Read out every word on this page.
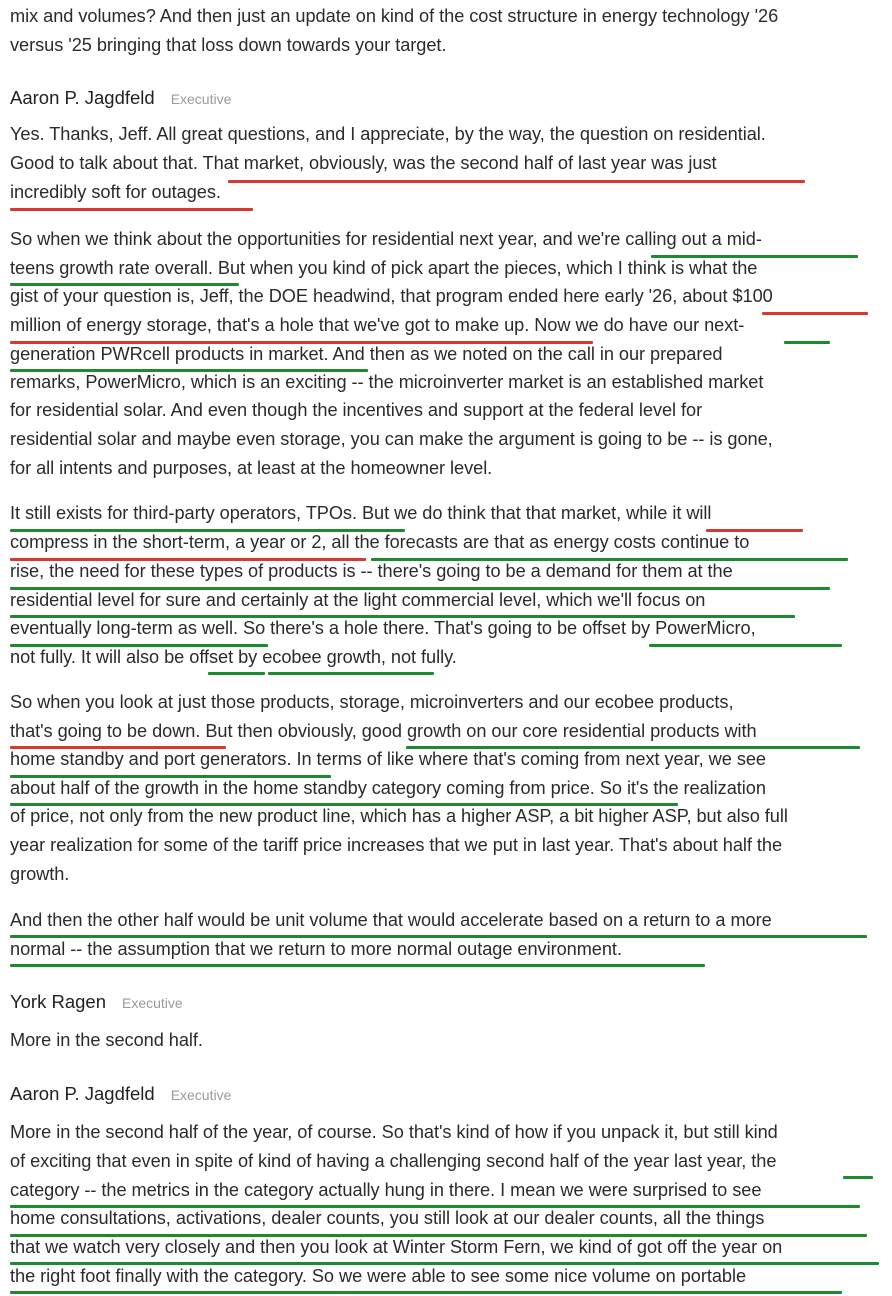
mix and volumes? And then just an update on kind of the cost structure in energy technology '26
versus '25 bringing that loss down towards your target.
Aaron P. Jagdfeld Executive
Yes. Thanks, Jeff. All great questions, and I appreciate, by the way, the question on residential.
Good to talk about that. That market, obviously, was the second half of last year was just
incredibly soft for outages.
So when we think about the opportunities for residential next year, and we're calling out a mid-
teens growth rate overall. But when you kind of pick apart the pieces, which I think is what the
gist of your question is, Jeff, the DOE headwind, that program ended here early '26, about $100
million of energy storage, that's a hole that we've got to make up. Now we do have our next-
generation PWRcell products in market. And then as we noted on the call in our prepared
remarks, PowerMicro, which is an exciting -- the microinverter market is an established market
for residential solar. And even though the incentives and support at the federal level for
residential solar and maybe even storage, you can make the argument is going to be -- is gone,
for all intents and purposes, at least at the homeowner level.
It still exists for third-party operators, TPOs. But we do think that that market, while it will
compress in the short-term, a year or 2, all the forecasts are that as energy costs continue to
rise, the need for these types of products is -- there's going to be a demand for them at the
residential level for sure and certainly at the light commercial level, which we'll focus on
eventually long-term as well. So there's a hole there. That's going to be offset by PowerMicro,
not fully. It will also be offset by ecobee growth, not fully.
So when you look at just those products, storage, microinverters and our ecobee products,
that's going to be down. But then obviously, good growth on our core residential products with
home standby and port generators. In terms of like where that's coming from next year, we see
about half of the growth in the home standby category coming from price. So it's the realization
of price, not only from the new product line, which has a higher ASP, a bit higher ASP, but also full
year realization for some of the tariff price increases that we put in last year. That's about half the
growth.
And then the other half would be unit volume that would accelerate based on a return to a more
normal -- the assumption that we return to more normal outage environment.
York Ragen Executive
More in the second half.
Aaron P. Jagdfeld Executive
More in the second half of the year, of course. So that's kind of how if you unpack it, but still kind
of exciting that even in spite of kind of having a challenging second half of the year last year, the
category -- the metrics in the category actually hung in there. I mean we were surprised to see
home consultations, activations, dealer counts, you still look at our dealer counts, all the things
that we watch very closely and then you look at Winter Storm Fern, we kind of got off the year on
the right foot finally with the category. So we were able to see some nice volume on portable
